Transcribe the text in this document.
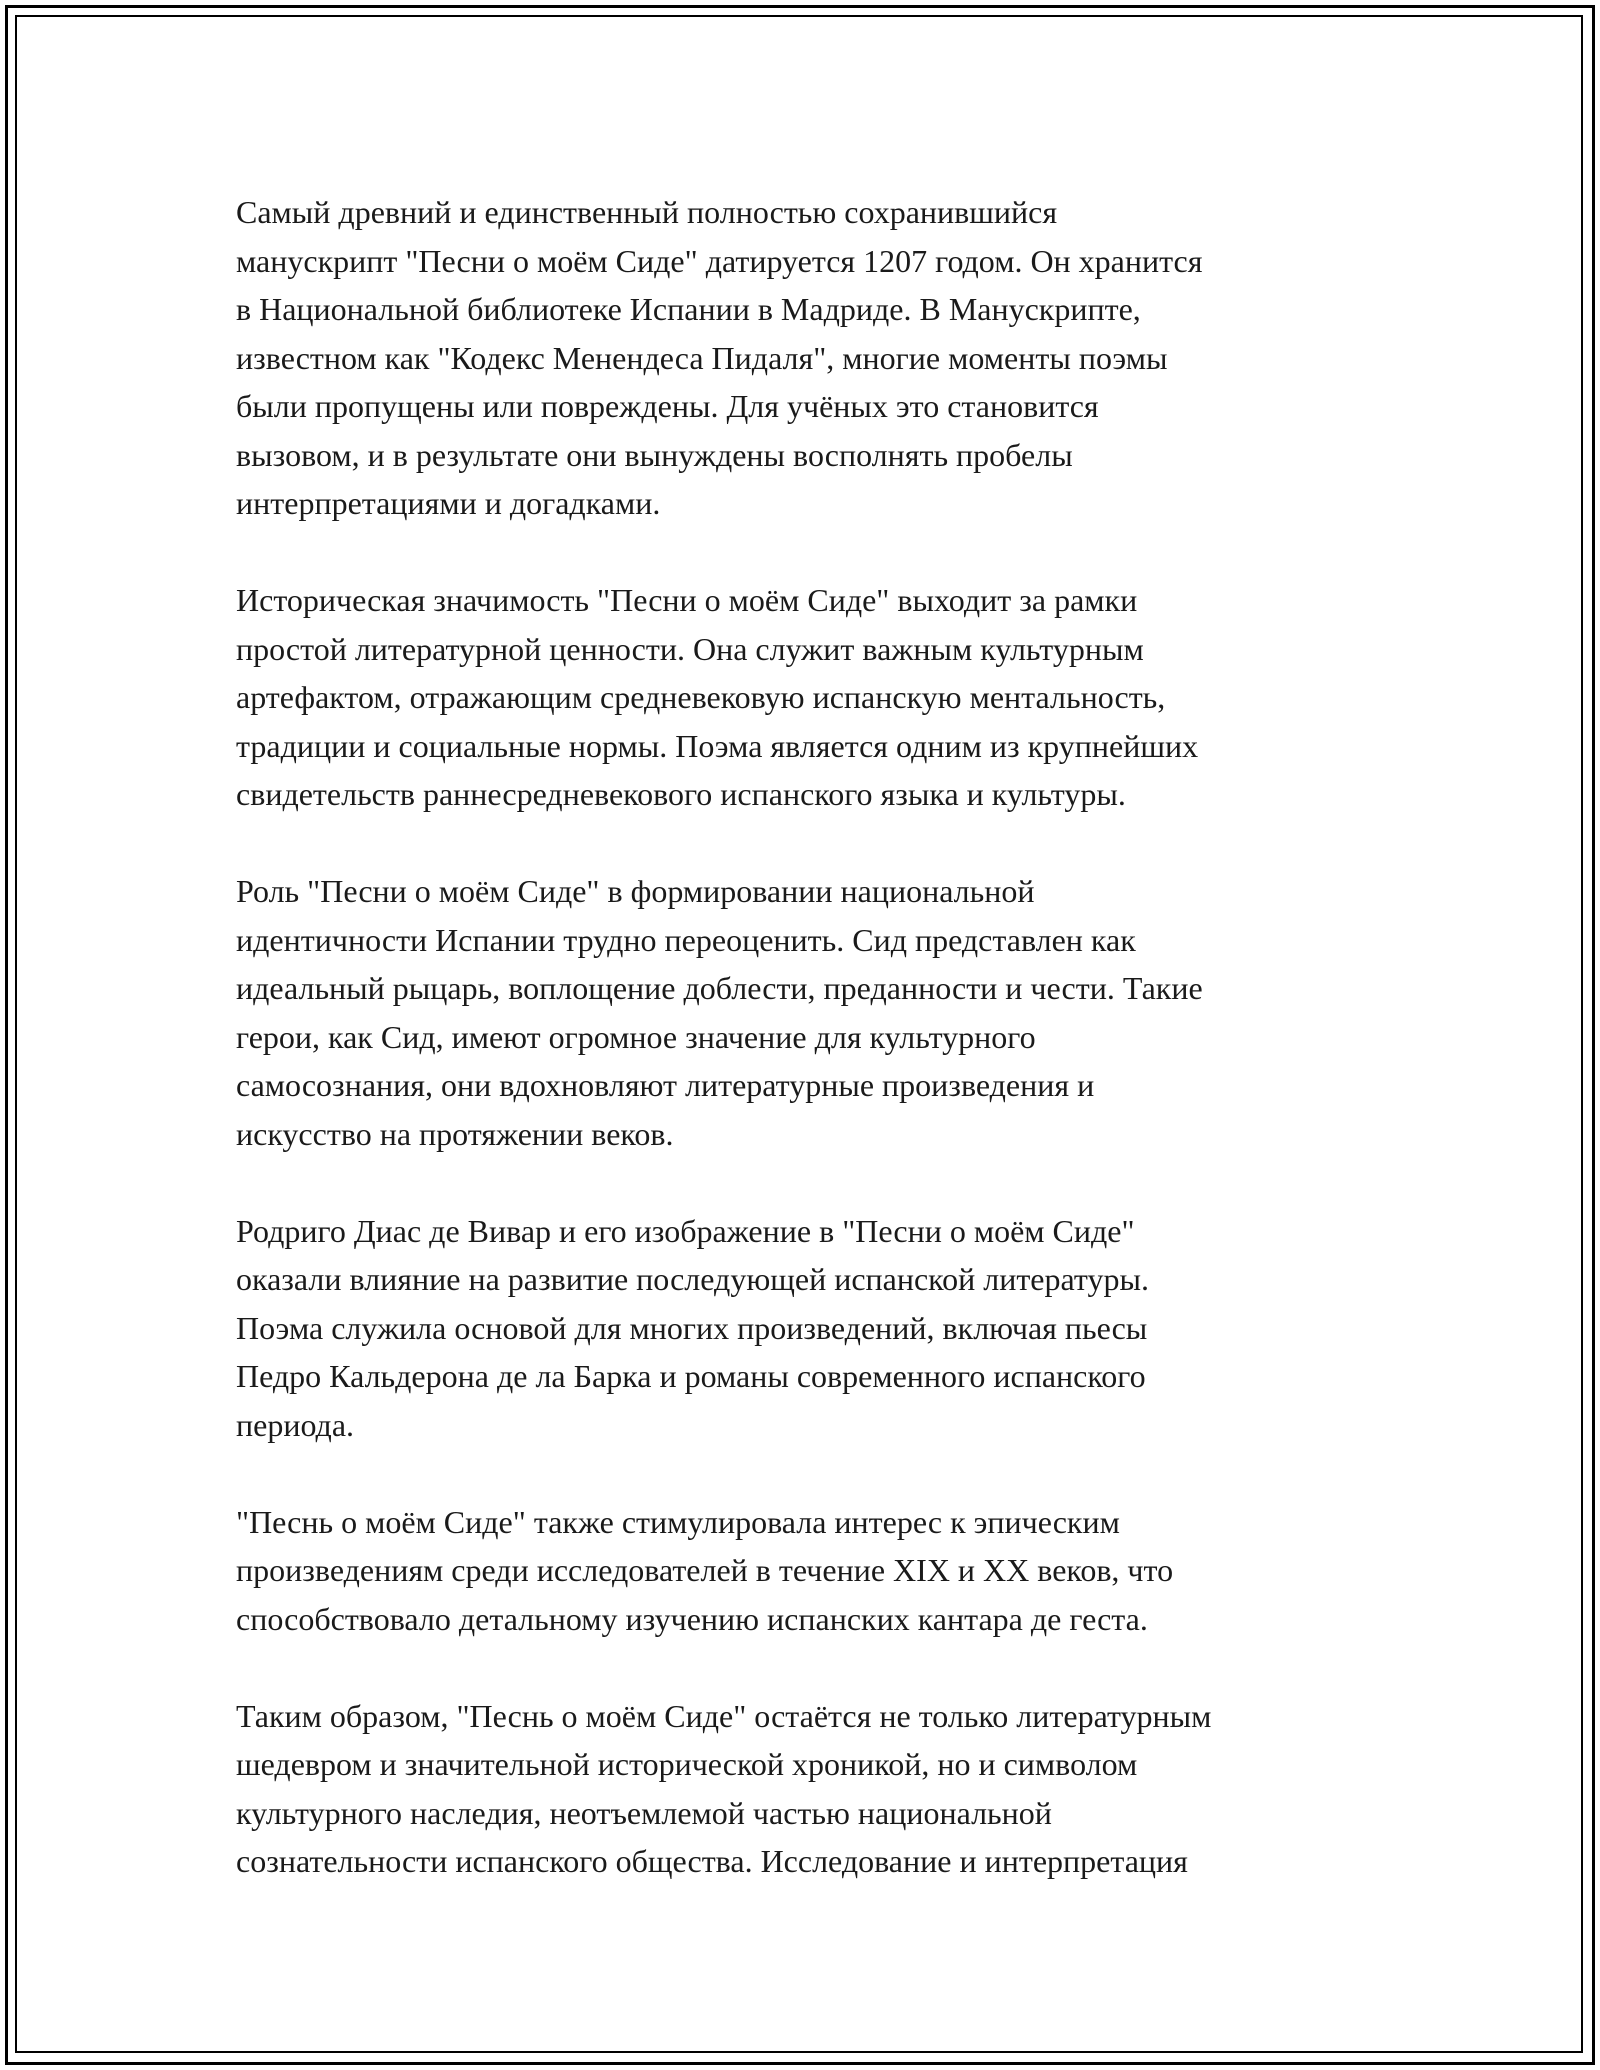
Самый древний и единственный полностью сохранившийся
манускрипт "Песни о моём Сиде" датируется 1207 годом. Он хранится
в Национальной библиотеке Испании в Мадриде. В Манускрипте,
известном как "Кодекс Менендеса Пидаля", многие моменты поэмы
были пропущены или повреждены. Для учёных это становится
вызовом, и в результате они вынуждены восполнять пробелы
интерпретациями и догадками.

Историческая значимость "Песни о моём Сиде" выходит за рамки
простой литературной ценности. Она служит важным культурным
артефактом, отражающим средневековую испанскую ментальность,
традиции и социальные нормы. Поэма является одним из крупнейших
свидетельств раннесредневекового испанского языка и культуры.

Роль "Песни о моём Сиде" в формировании национальной
идентичности Испании трудно переоценить. Сид представлен как
идеальный рыцарь, воплощение доблести, преданности и чести. Такие
герои, как Сид, имеют огромное значение для культурного
самосознания, они вдохновляют литературные произведения и
искусство на протяжении веков.

Родриго Диас де Вивар и его изображение в "Песни о моём Сиде"
оказали влияние на развитие последующей испанской литературы.
Поэма служила основой для многих произведений, включая пьесы
Педро Кальдерона де ла Барка и романы современного испанского
периода.

"Песнь о моём Сиде" также стимулировала интерес к эпическим
произведениям среди исследователей в течение XIX и XX веков, что
способствовало детальному изучению испанских кантара де геста.

Таким образом, "Песнь о моём Сиде" остаётся не только литературным
шедевром и значительной исторической хроникой, но и символом
культурного наследия, неотъемлемой частью национальной
сознательности испанского общества. Исследование и интерпретация
